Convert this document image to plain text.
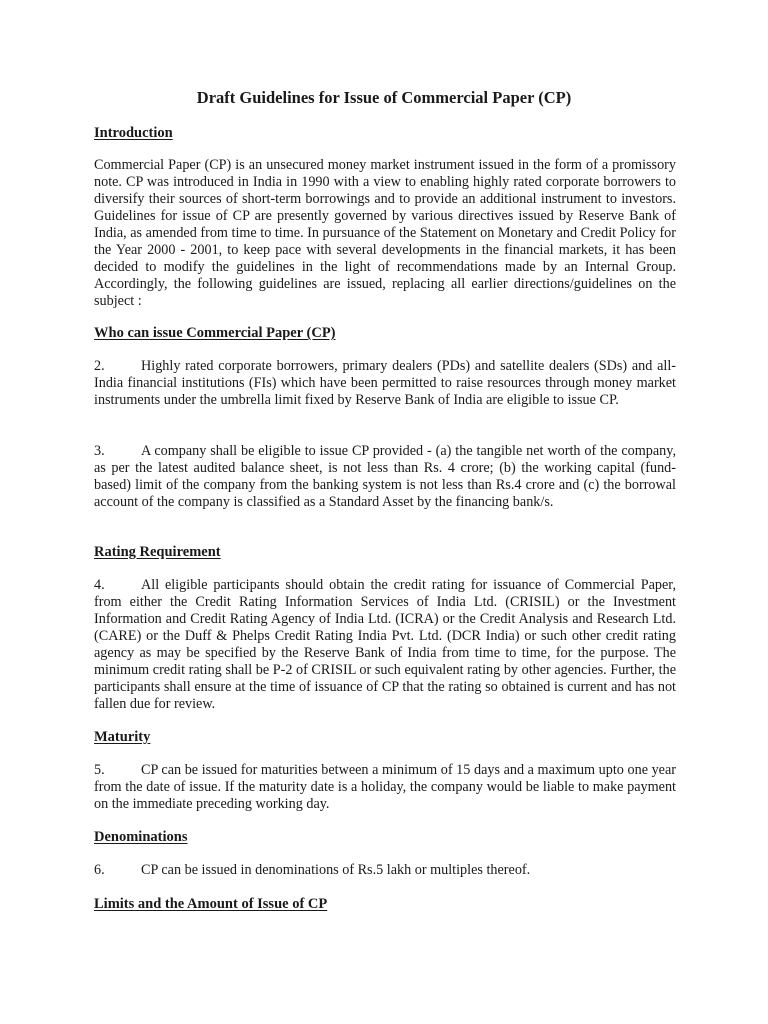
Draft Guidelines for Issue of Commercial Paper (CP)
Introduction
Commercial Paper (CP) is an unsecured money market instrument issued in the form of a promissory note. CP was introduced in India in 1990 with a view to enabling highly rated corporate borrowers to diversify their sources of short-term borrowings and to provide an additional instrument to investors. Guidelines for issue of CP are presently governed by various directives issued by Reserve Bank of India, as amended from time to time. In pursuance of the Statement on Monetary and Credit Policy for the Year 2000 - 2001, to keep pace with several developments in the financial markets, it has been decided to modify the guidelines in the light of recommendations made by an Internal Group. Accordingly, the following guidelines are issued, replacing all earlier directions/guidelines on the subject :
Who can issue Commercial Paper (CP)
2.	Highly rated corporate borrowers, primary dealers (PDs) and satellite dealers (SDs) and all-India financial institutions (FIs) which have been permitted to raise resources through money market instruments under the umbrella limit fixed by Reserve Bank of India are eligible to issue CP.
3.	A company shall be eligible to issue CP provided - (a) the tangible net worth of the company, as per the latest audited balance sheet, is not less than Rs. 4 crore; (b) the working capital (fund-based) limit of the company from the banking system is not less than Rs.4 crore and (c) the borrowal account of the company is classified as a Standard Asset by the financing bank/s.
Rating Requirement
4.	All eligible participants should obtain the credit rating for issuance of Commercial Paper, from either the Credit Rating Information Services of India Ltd. (CRISIL) or the Investment Information and Credit Rating Agency of India Ltd. (ICRA) or the Credit Analysis and Research Ltd. (CARE) or the Duff & Phelps Credit Rating India Pvt. Ltd. (DCR India) or such other credit rating agency as may be specified by the Reserve Bank of India from time to time, for the purpose. The minimum credit rating shall be P-2 of CRISIL or such equivalent rating by other agencies. Further, the participants shall ensure at the time of issuance of CP that the rating so obtained is current and has not fallen due for review.
Maturity
5.	CP can be issued for maturities between a minimum of 15 days and a maximum upto one year from the date of issue. If the maturity date is a holiday, the company would be liable to make payment on the immediate preceding working day.
Denominations
6.	CP can be issued in denominations of Rs.5 lakh or multiples thereof.
Limits and the Amount of Issue of CP
